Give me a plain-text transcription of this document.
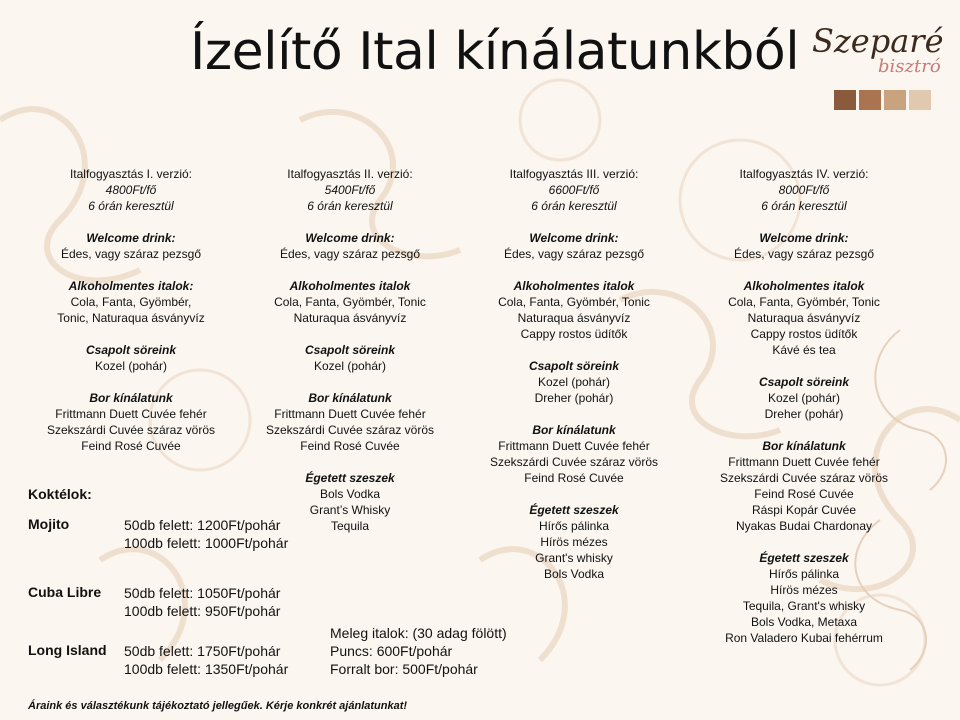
Ízelítő Ital kínálatunkból Szeparé
bisztró
Italfogyasztás I. verzió:
4800Ft/fő
6 órán keresztül
Welcome drink:
Édes, vagy száraz pezsgő
Alkoholmentes italok:
Cola, Fanta, Gyömbér,
Tonic, Naturaqua ásványvíz
Csapolt söreink
Kozel (pohár)
Bor kínálatunk
Frittmann Duett Cuvée fehér
Szekszárdi Cuvée száraz vörös
Feind Rosé Cuvée
Italfogyasztás II. verzió:
5400Ft/fő
6 órán keresztül
Welcome drink:
Édes, vagy száraz pezsgő
Alkoholmentes italok
Cola, Fanta, Gyömbér, Tonic
Naturaqua ásványvíz
Csapolt söreink
Kozel (pohár)
Bor kínálatunk
Frittmann Duett Cuvée fehér
Szekszárdi Cuvée száraz vörös
Feind Rosé Cuvée
Égetett szeszek
Bols Vodka
Grant’s Whisky
Tequila
Italfogyasztás III. verzió:
6600Ft/fő
6 órán keresztül
Welcome drink:
Édes, vagy száraz pezsgő
Alkoholmentes italok
Cola, Fanta, Gyömbér, Tonic
Naturaqua ásványvíz
Cappy rostos üdítők
Csapolt söreink
Kozel (pohár)
Dreher (pohár)
Bor kínálatunk
Frittmann Duett Cuvée fehér
Szekszárdi Cuvée száraz vörös
Feind Rosé Cuvée
Égetett szeszek
Hírős pálinka
Hírös mézes
Grant's whisky
Bols Vodka
Italfogyasztás IV. verzió:
8000Ft/fő
6 órán keresztül
Welcome drink:
Édes, vagy száraz pezsgő
Alkoholmentes italok
Cola, Fanta, Gyömbér, Tonic
Naturaqua ásványvíz
Cappy rostos üdítők
Kávé és tea
Csapolt söreink
Kozel (pohár)
Dreher (pohár)
Bor kínálatunk
Frittmann Duett Cuvée fehér
Szekszárdi Cuvée száraz vörös
Feind Rosé Cuvée
Ráspi Kopár Cuvée
Nyakas Budai Chardonay
Égetett szeszek
Hírős pálinka
Hírös mézes
Tequila, Grant's whisky
Bols Vodka, Metaxa
Ron Valadero Kubai fehérrum
Koktélok:
Mojito	50db felett: 1200Ft/pohár
100db felett: 1000Ft/pohár
Cuba Libre 50db felett: 1050Ft/pohár
100db felett: 950Ft/pohár
Long Island 50db felett: 1750Ft/pohár
100db felett: 1350Ft/pohár
Meleg italok: (30 adag fölött)
Puncs: 600Ft/pohár
Forralt bor: 500Ft/pohár
Áraink és választékunk tájékoztató jellegűek. Kérje konkrét ajánlatunkat!
